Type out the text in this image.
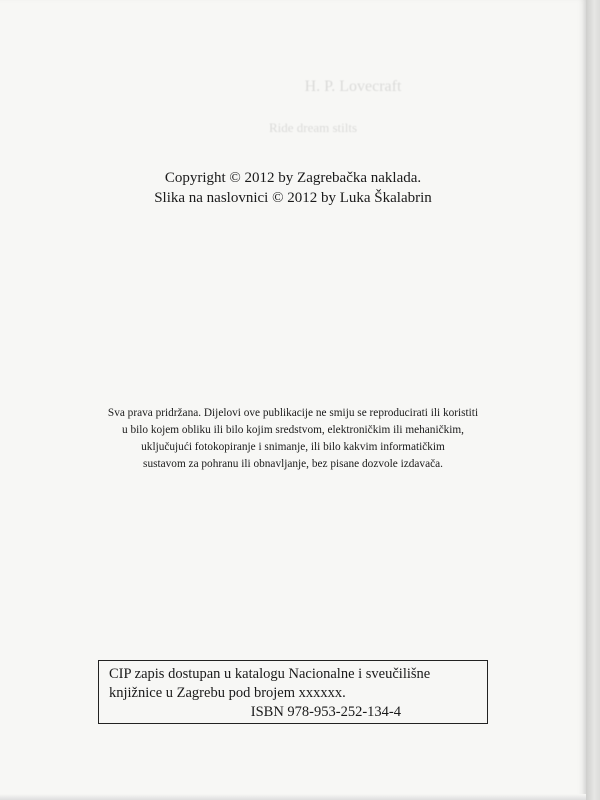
H. P. Lovecraft
Ride dream stilts
Copyright © 2012 by Zagrebačka naklada.
Slika na naslovnici © 2012 by Luka Škalabrin
Sva prava pridržana. Dijelovi ove publikacije ne smiju se reproducirati ili koristiti
u bilo kojem obliku ili bilo kojim sredstvom, elektroničkim ili mehaničkim,
uključujući fotokopiranje i snimanje, ili bilo kakvim informatičkim
sustavom za pohranu ili obnavljanje, bez pisane dozvole izdavača.
CIP zapis dostupan u katalogu Nacionalne i sveučilišne
knjižnice u Zagrebu pod brojem xxxxxx.
ISBN 978-953-252-134-4
